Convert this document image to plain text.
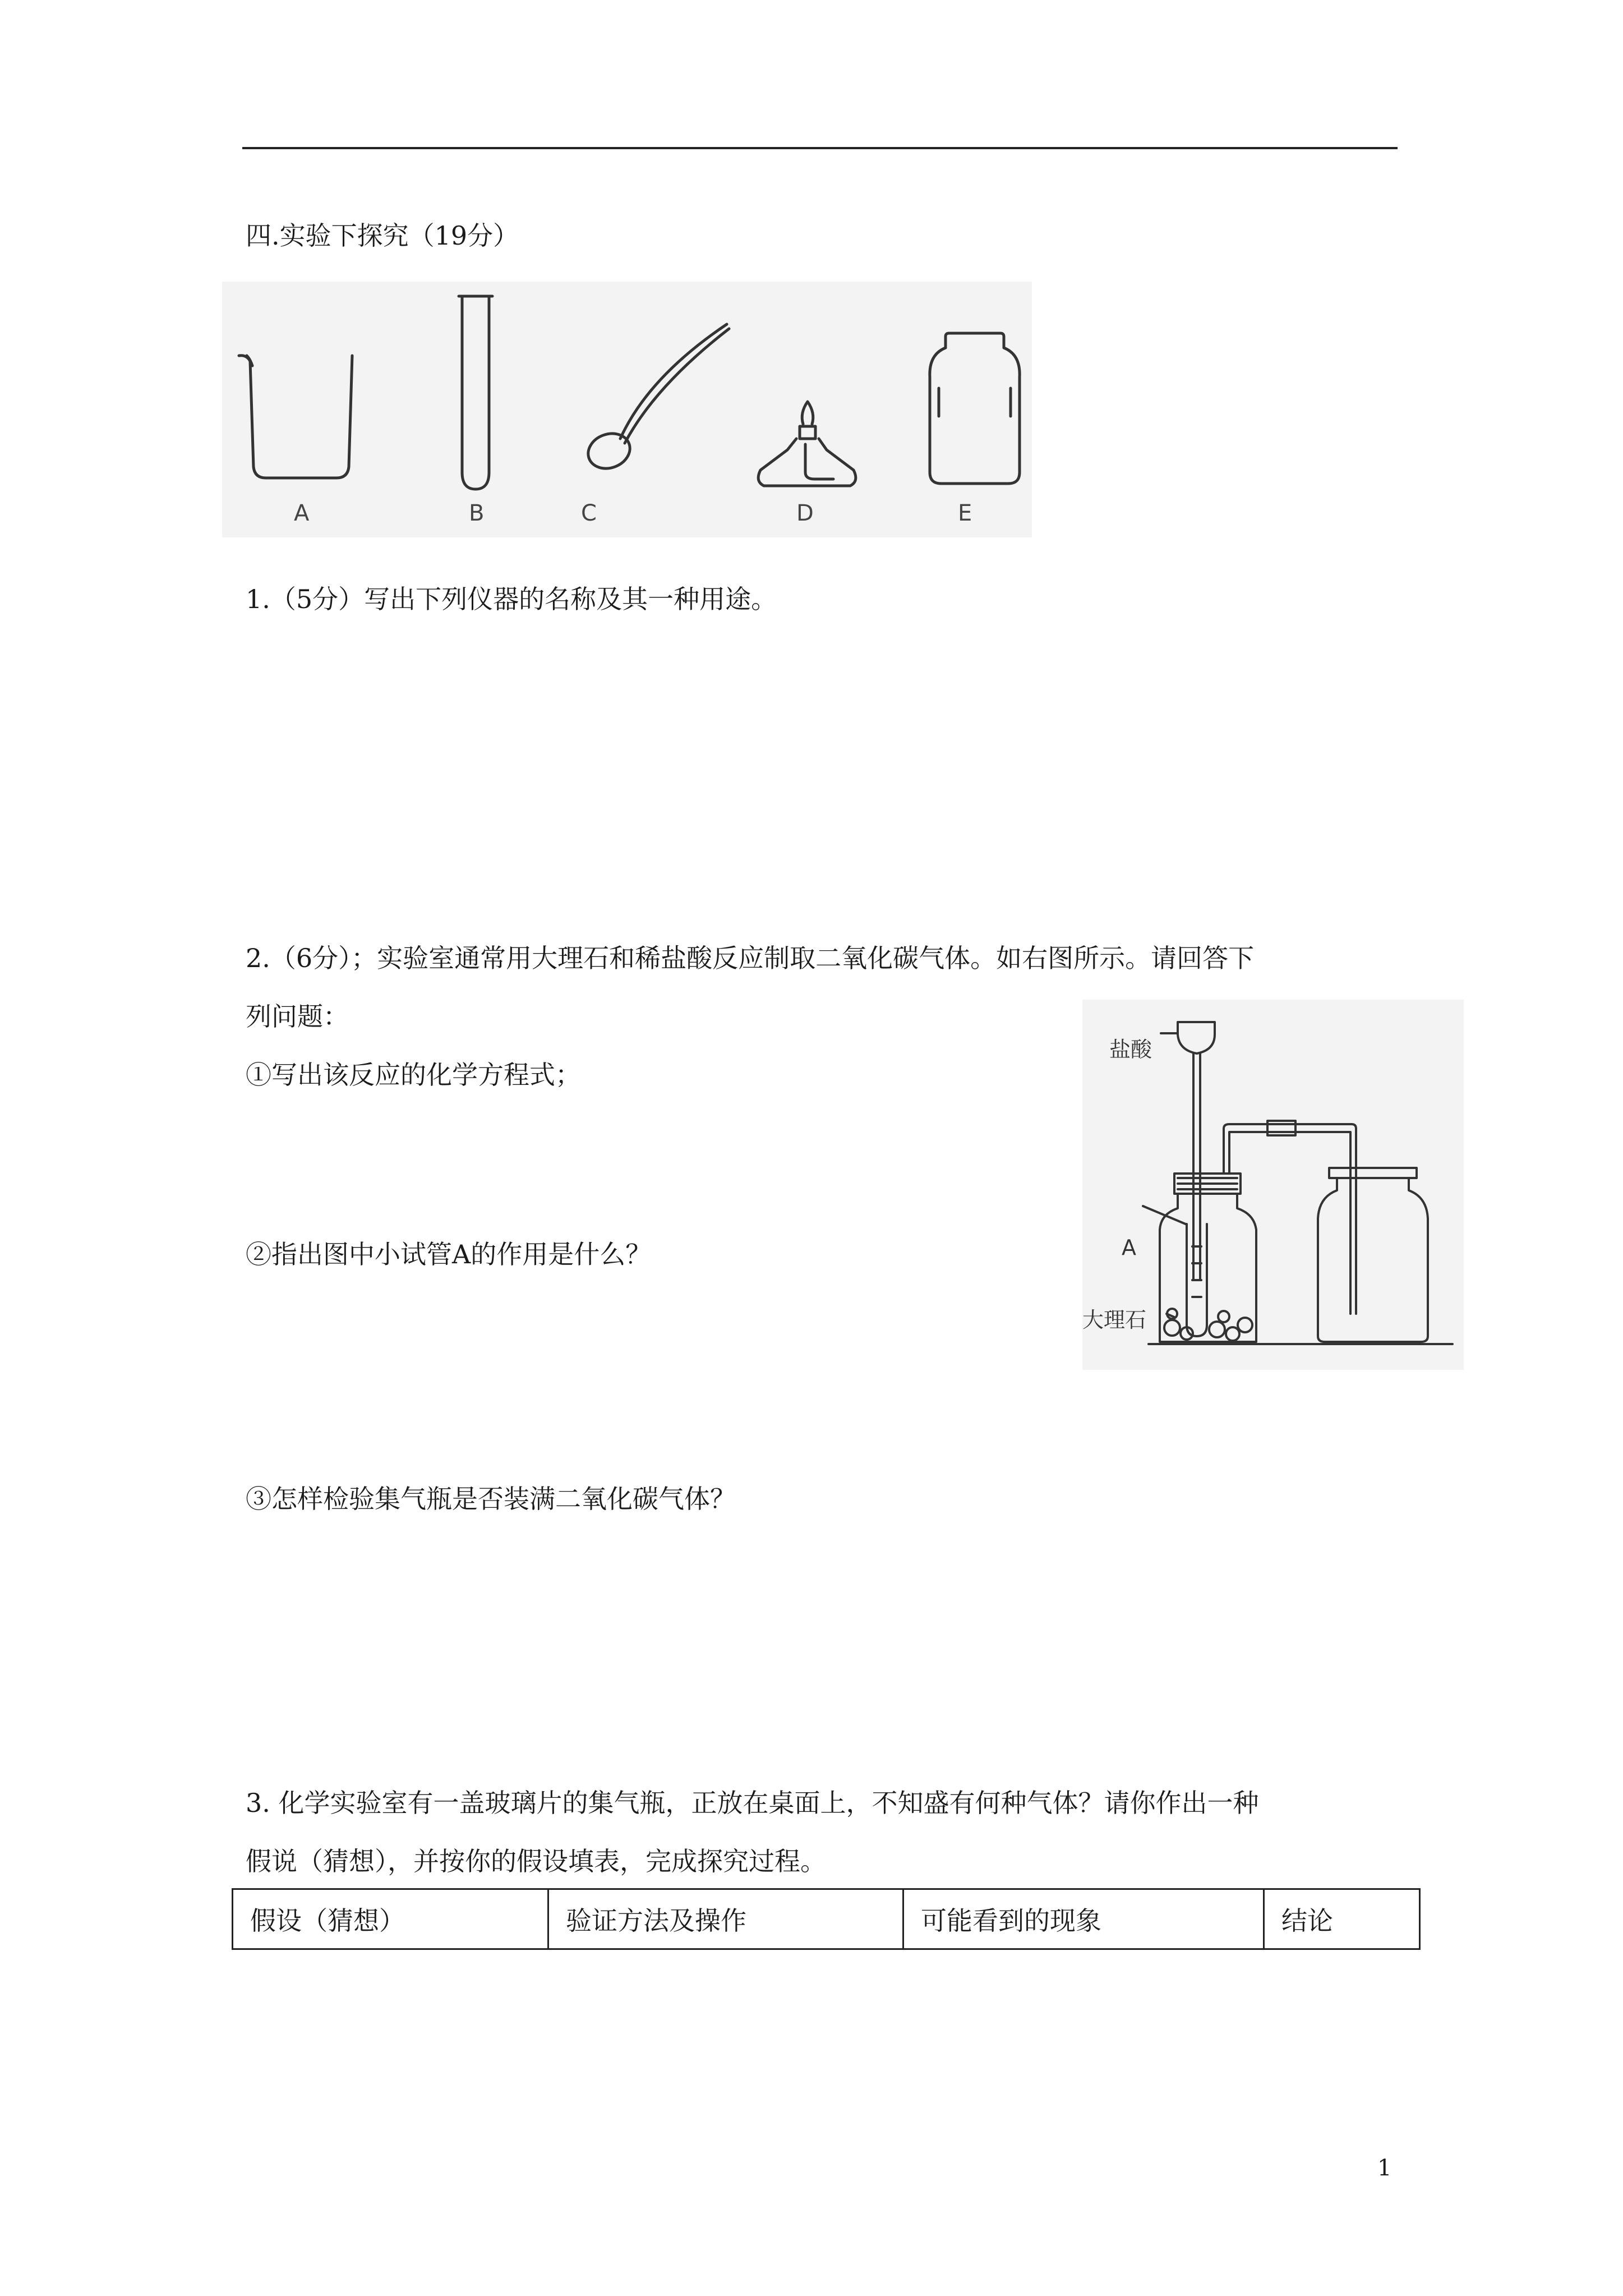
四.实验下探究（19分）
A	B	C	D	E
1.（5分）写出下列仪器的名称及其一种用途。
2.（6分）；实验室通常用大理石和稀盐酸反应制取二氧化碳气体。如右图所示。请回答下
列问题：
①写出该反应的化学方程式；
②指出图中小试管A的作用是什么？
③怎样检验集气瓶是否装满二氧化碳气体？
盐酸
A
大理石
3. 化学实验室有一盖玻璃片的集气瓶，正放在桌面上，不知盛有何种气体？请你作出一种
假说（猜想），并按你的假设填表，完成探究过程。
假设（猜想）	验证方法及操作	可能看到的现象	结论
1
